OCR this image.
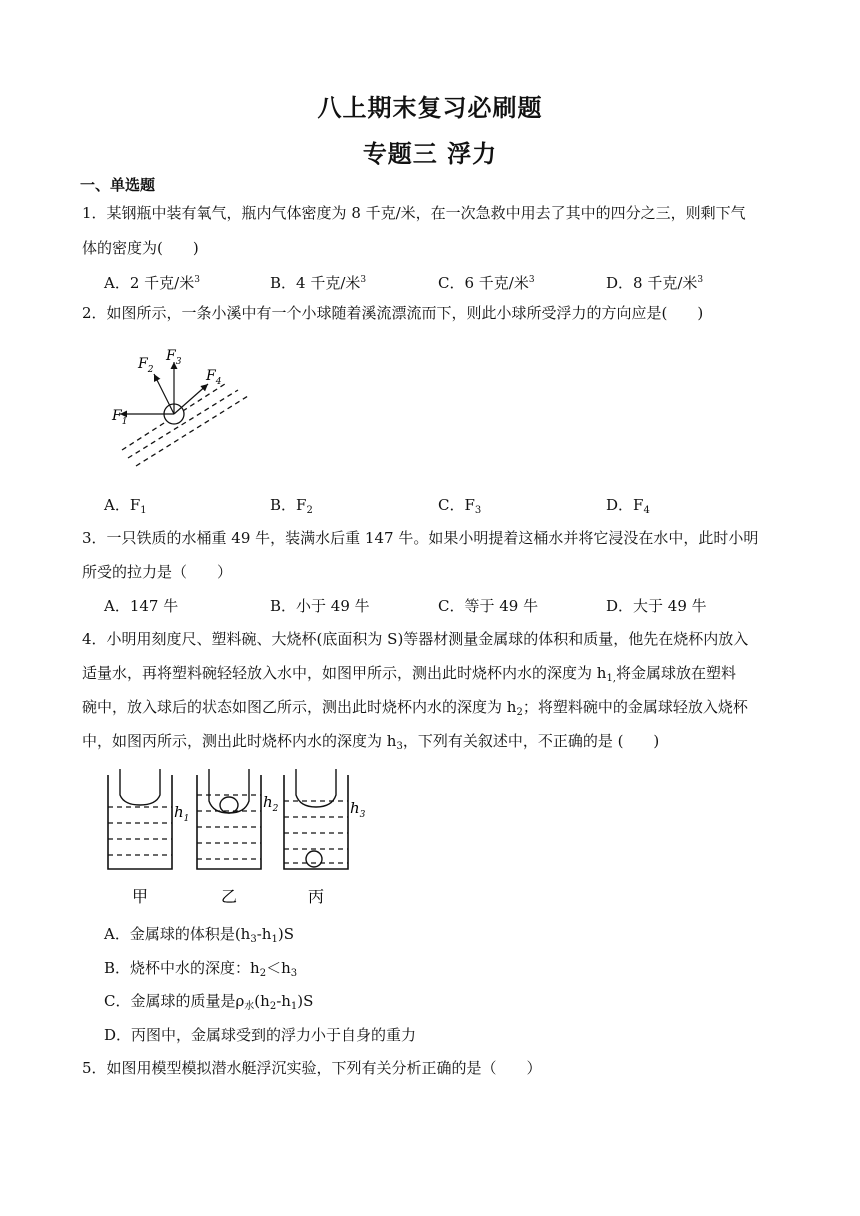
八上期末复习必刷题
专题三 浮力
一、单选题
1．某钢瓶中装有氧气，瓶内气体密度为 8 千克/米，在一次急救中用去了其中的四分之三，则剩下气
体的密度为(　　)
A．2 千克/米$^3$	B．4 千克/米$^3$	C．6 千克/米$^3$	D．8 千克/米$^3$
2．如图所示，一条小溪中有一个小球随着溪流漂流而下，则此小球所受浮力的方向应是(　　)
$F_1$
$F_2$
$F_3$
$F_4$
A．$F_1$	B．$F_2$	C．$F_3$	D．$F_4$
3．一只铁质的水桶重 49 牛，装满水后重 147 牛。如果小明提着这桶水并将它浸没在水中，此时小明
所受的拉力是（　　）
A．147 牛	B．小于 49 牛	C．等于 49 牛	D．大于 49 牛
4．小明用刻度尺、塑料碗、大烧杯(底面积为 S)等器材测量金属球的体积和质量，他先在烧杯内放入
适量水，再将塑料碗轻轻放入水中，如图甲所示，测出此时烧杯内水的深度为 $h_{1,}$将金属球放在塑料
碗中，放入球后的状态如图乙所示，测出此时烧杯内水的深度为 $h_2$；将塑料碗中的金属球轻放入烧杯
中，如图丙所示，测出此时烧杯内水的深度为 $h_3$，下列有关叙述中，不正确的是 (　　)
$h_1$
$h_2$	$h_3$
甲	乙	丙
A．金属球的体积是$(h_3-h_1)S$
B．烧杯中水的深度：$h_2<h_3$
C．金属球的质量是$\rho_水(h_2-h_1)S$
D．丙图中，金属球受到的浮力小于自身的重力
5．如图用模型模拟潜水艇浮沉实验，下列有关分析正确的是（　　）
